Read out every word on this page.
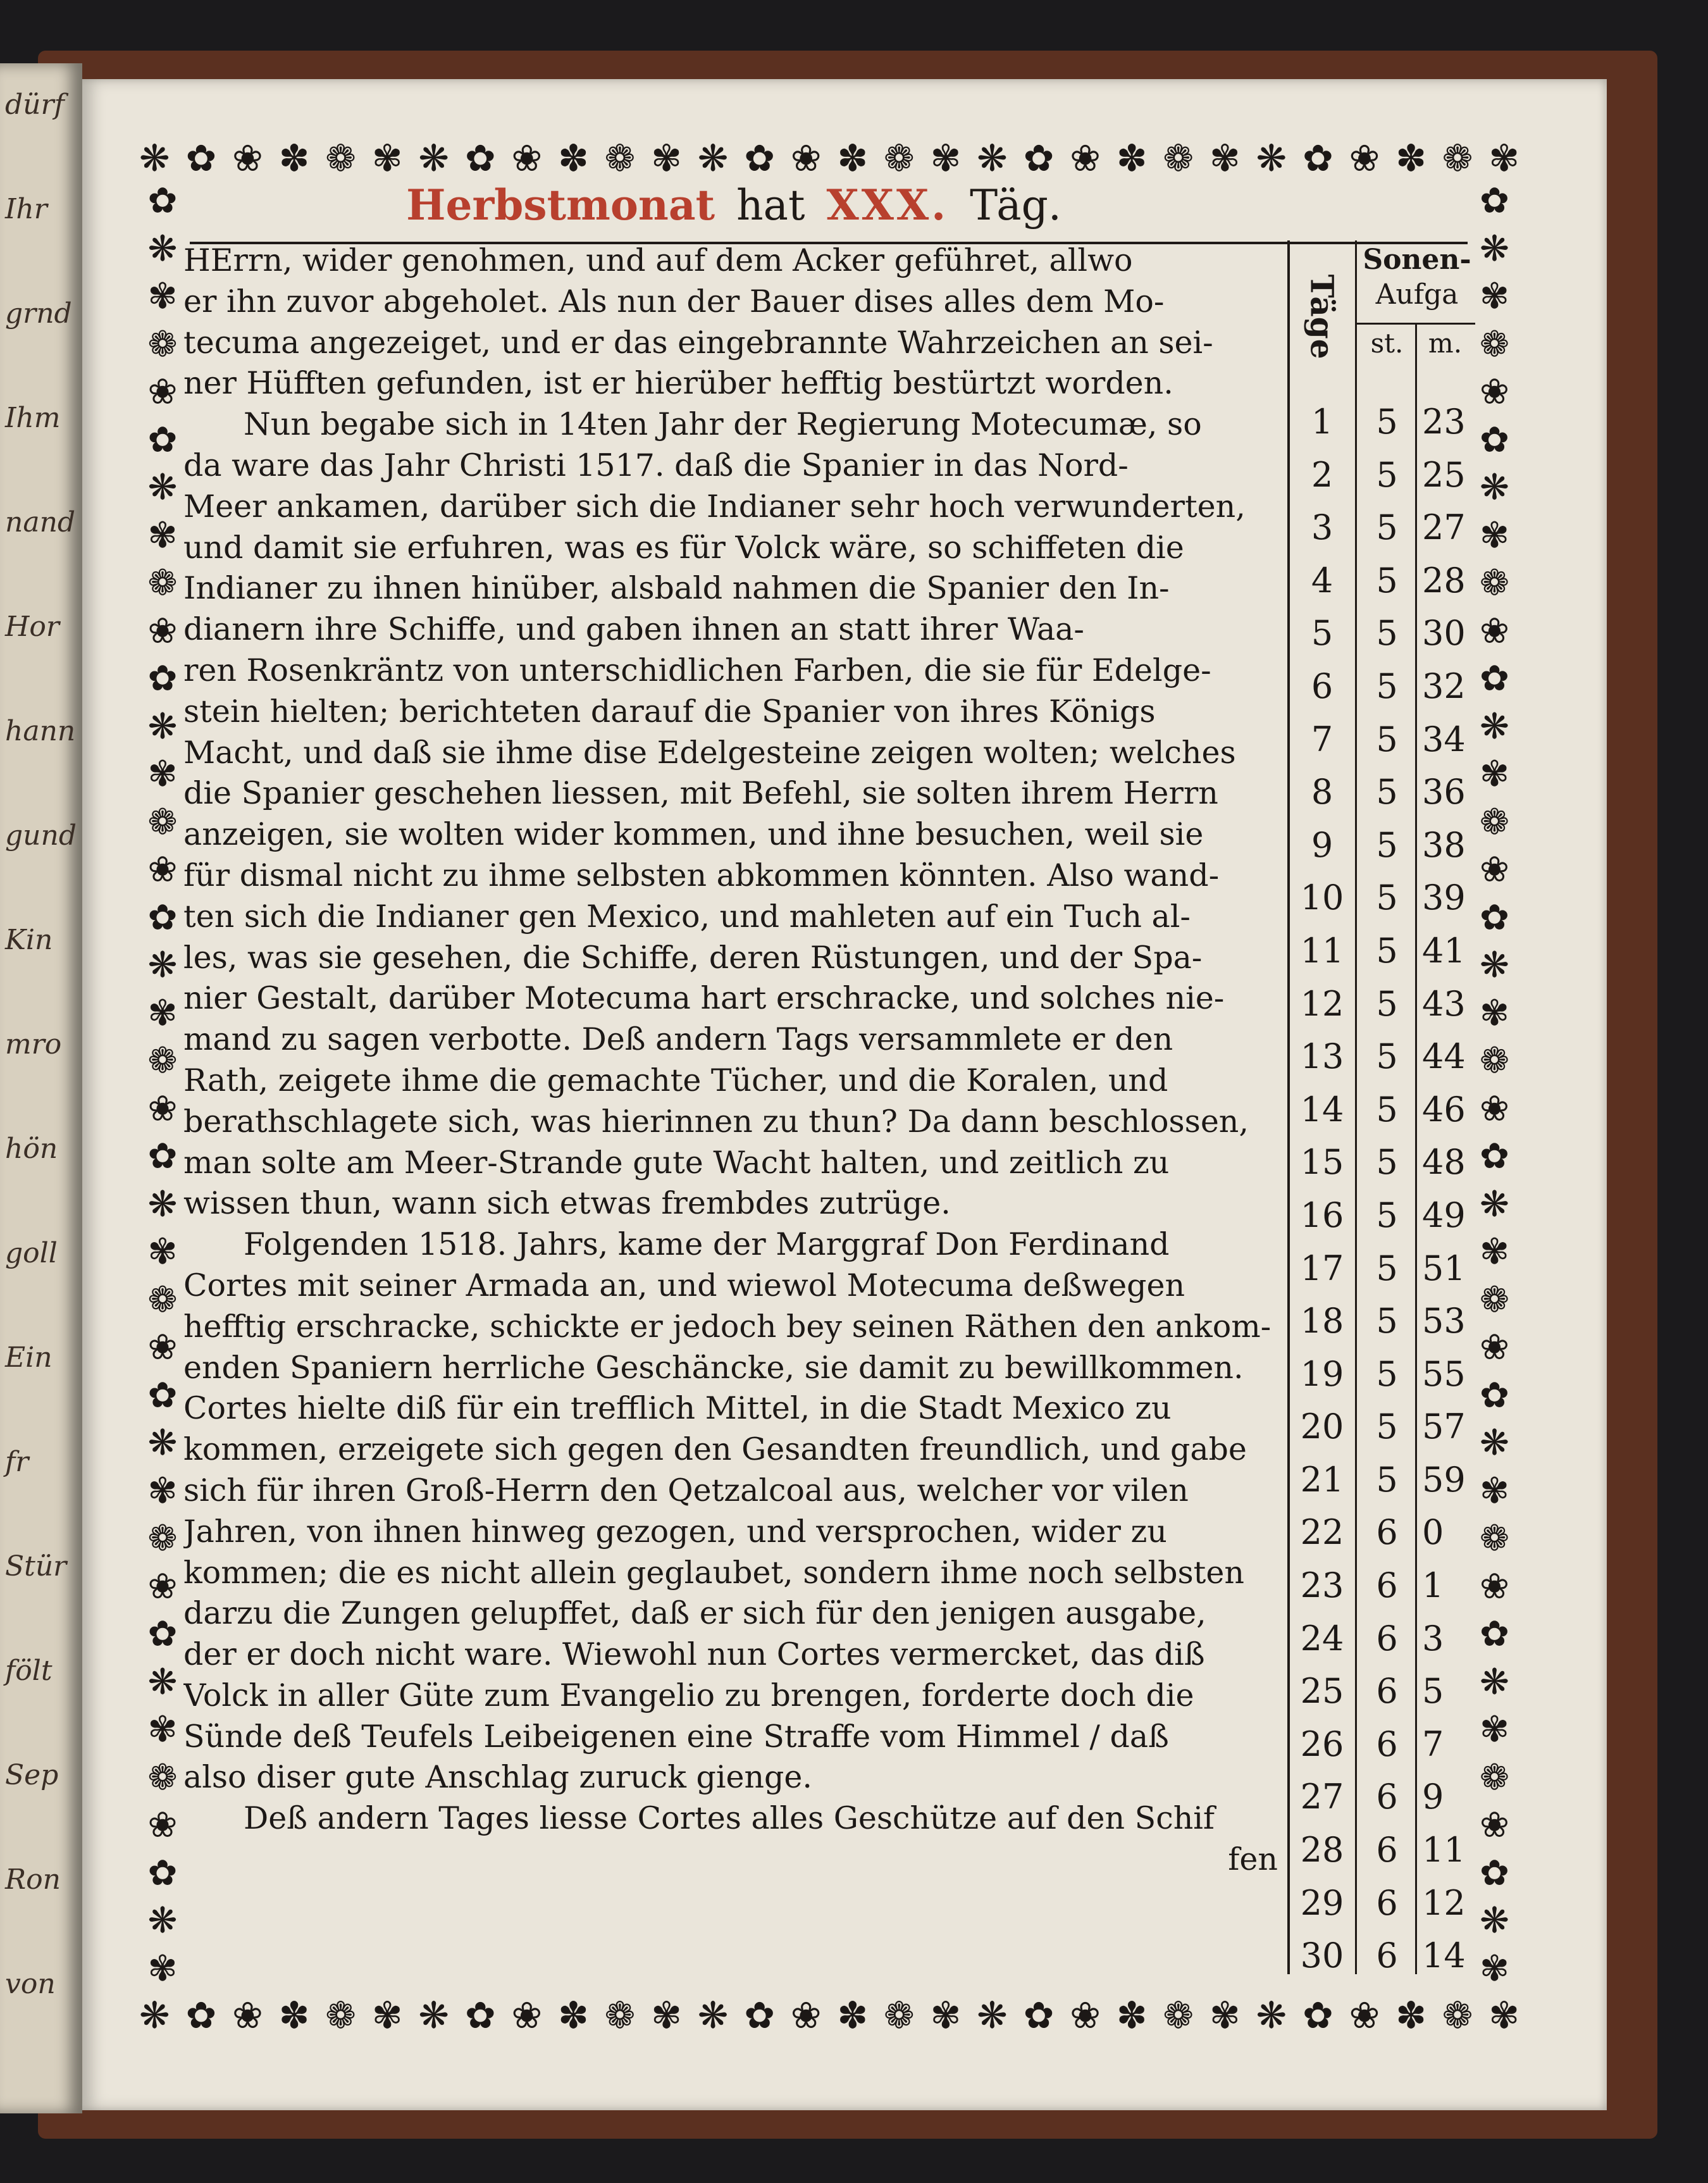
dürf
Ihr
grnd
Ihm
nand
Hor
hann
gund
Kin
mro
hön
goll
Ein
fr
Stür
fölt
Sep
Ron
von
❋ ✿ ❀ ✽ ❁ ✾ ❋ ✿ ❀ ✽ ❁ ✾ ❋ ✿ ❀ ✽ ❁ ✾ ❋ ✿ ❀ ✽ ❁ ✾ ❋ ✿ ❀ ✽ ❁ ✾
❋ ✿ ❀ ✽ ❁ ✾ ❋ ✿ ❀ ✽ ❁ ✾ ❋ ✿ ❀ ✽ ❁ ✾ ❋ ✿ ❀ ✽ ❁ ✾ ❋ ✿ ❀ ✽ ❁ ✾
✿
❋
✾
❁
❀
✿
❋
✾
❁
❀
✿
❋
✾
❁
❀
✿
❋
✾
❁
❀
✿
❋
✾
❁
❀
✿
❋
✾
❁
❀
✿
❋
✾
❁
❀
✿
❋
✾
✿
❋
✾
❁
❀
✿
❋
✾
❁
❀
✿
❋
✾
❁
❀
✿
❋
✾
❁
❀
✿
❋
✾
❁
❀
✿
❋
✾
❁
❀
✿
❋
✾
❁
❀
✿
❋
✾
Herbstmonat hat XXX. Täg.
HErrn, wider genohmen, und auf dem Acker geführet, allwo
er ihn zuvor abgeholet. Als nun der Bauer dises alles dem Mo-
tecuma angezeiget, und er das eingebrannte Wahrzeichen an sei-
ner Hüfften gefunden, ist er hierüber hefftig bestürtzt worden.
Nun begabe sich in 14ten Jahr der Regierung Motecumæ, so
da ware das Jahr Christi 1517. daß die Spanier in das Nord-
Meer ankamen, darüber sich die Indianer sehr hoch verwunderten,
und damit sie erfuhren, was es für Volck wäre, so schiffeten die
Indianer zu ihnen hinüber, alsbald nahmen die Spanier den In-
dianern ihre Schiffe, und gaben ihnen an statt ihrer Waa-
ren Rosenkräntz von unterschidlichen Farben, die sie für Edelge-
stein hielten; berichteten darauf die Spanier von ihres Königs
Macht, und daß sie ihme dise Edelgesteine zeigen wolten; welches
die Spanier geschehen liessen, mit Befehl, sie solten ihrem Herrn
anzeigen, sie wolten wider kommen, und ihne besuchen, weil sie
für dismal nicht zu ihme selbsten abkommen könnten. Also wand-
ten sich die Indianer gen Mexico, und mahleten auf ein Tuch al-
les, was sie gesehen, die Schiffe, deren Rüstungen, und der Spa-
nier Gestalt, darüber Motecuma hart erschracke, und solches nie-
mand zu sagen verbotte. Deß andern Tags versammlete er den
Rath, zeigete ihme die gemachte Tücher, und die Koralen, und
berathschlagete sich, was hierinnen zu thun? Da dann beschlossen,
man solte am Meer-Strande gute Wacht halten, und zeitlich zu
wissen thun, wann sich etwas frembdes zutrüge.
Folgenden 1518. Jahrs, kame der Marggraf Don Ferdinand
Cortes mit seiner Armada an, und wiewol Motecuma deßwegen
hefftig erschracke, schickte er jedoch bey seinen Räthen den ankom-
enden Spaniern herrliche Geschäncke, sie damit zu bewillkommen.
Cortes hielte diß für ein trefflich Mittel, in die Stadt Mexico zu
kommen, erzeigete sich gegen den Gesandten freundlich, und gabe
sich für ihren Groß-Herrn den Qetzalcoal aus, welcher vor vilen
Jahren, von ihnen hinweg gezogen, und versprochen, wider zu
kommen; die es nicht allein geglaubet, sondern ihme noch selbsten
darzu die Zungen gelupffet, daß er sich für den jenigen ausgabe,
der er doch nicht ware. Wiewohl nun Cortes vermercket, das diß
Volck in aller Güte zum Evangelio zu brengen, forderte doch die
Sünde deß Teufels Leibeigenen eine Straffe vom Himmel / daß
also diser gute Anschlag zuruck gienge.
Deß andern Tages liesse Cortes alles Geschütze auf den Schif
fen
Täge
Sonen-
Aufga
st. m.
1	5 23
2	5 25
3	5 27
4	5 28
5	5 30
6	5 32
7	5 34
8	5 36
9	5 38
10 5 39
11 5 41
12 5 43
13 5 44
14 5 46
15 5 48
16 5 49
17 5 51
18 5 53
19 5 55
20 5 57
21 5 59
22 6 0
23 6 1
24 6 3
25 6 5
26 6 7
27 6 9
28 6 11
29 6 12
30 6 14
